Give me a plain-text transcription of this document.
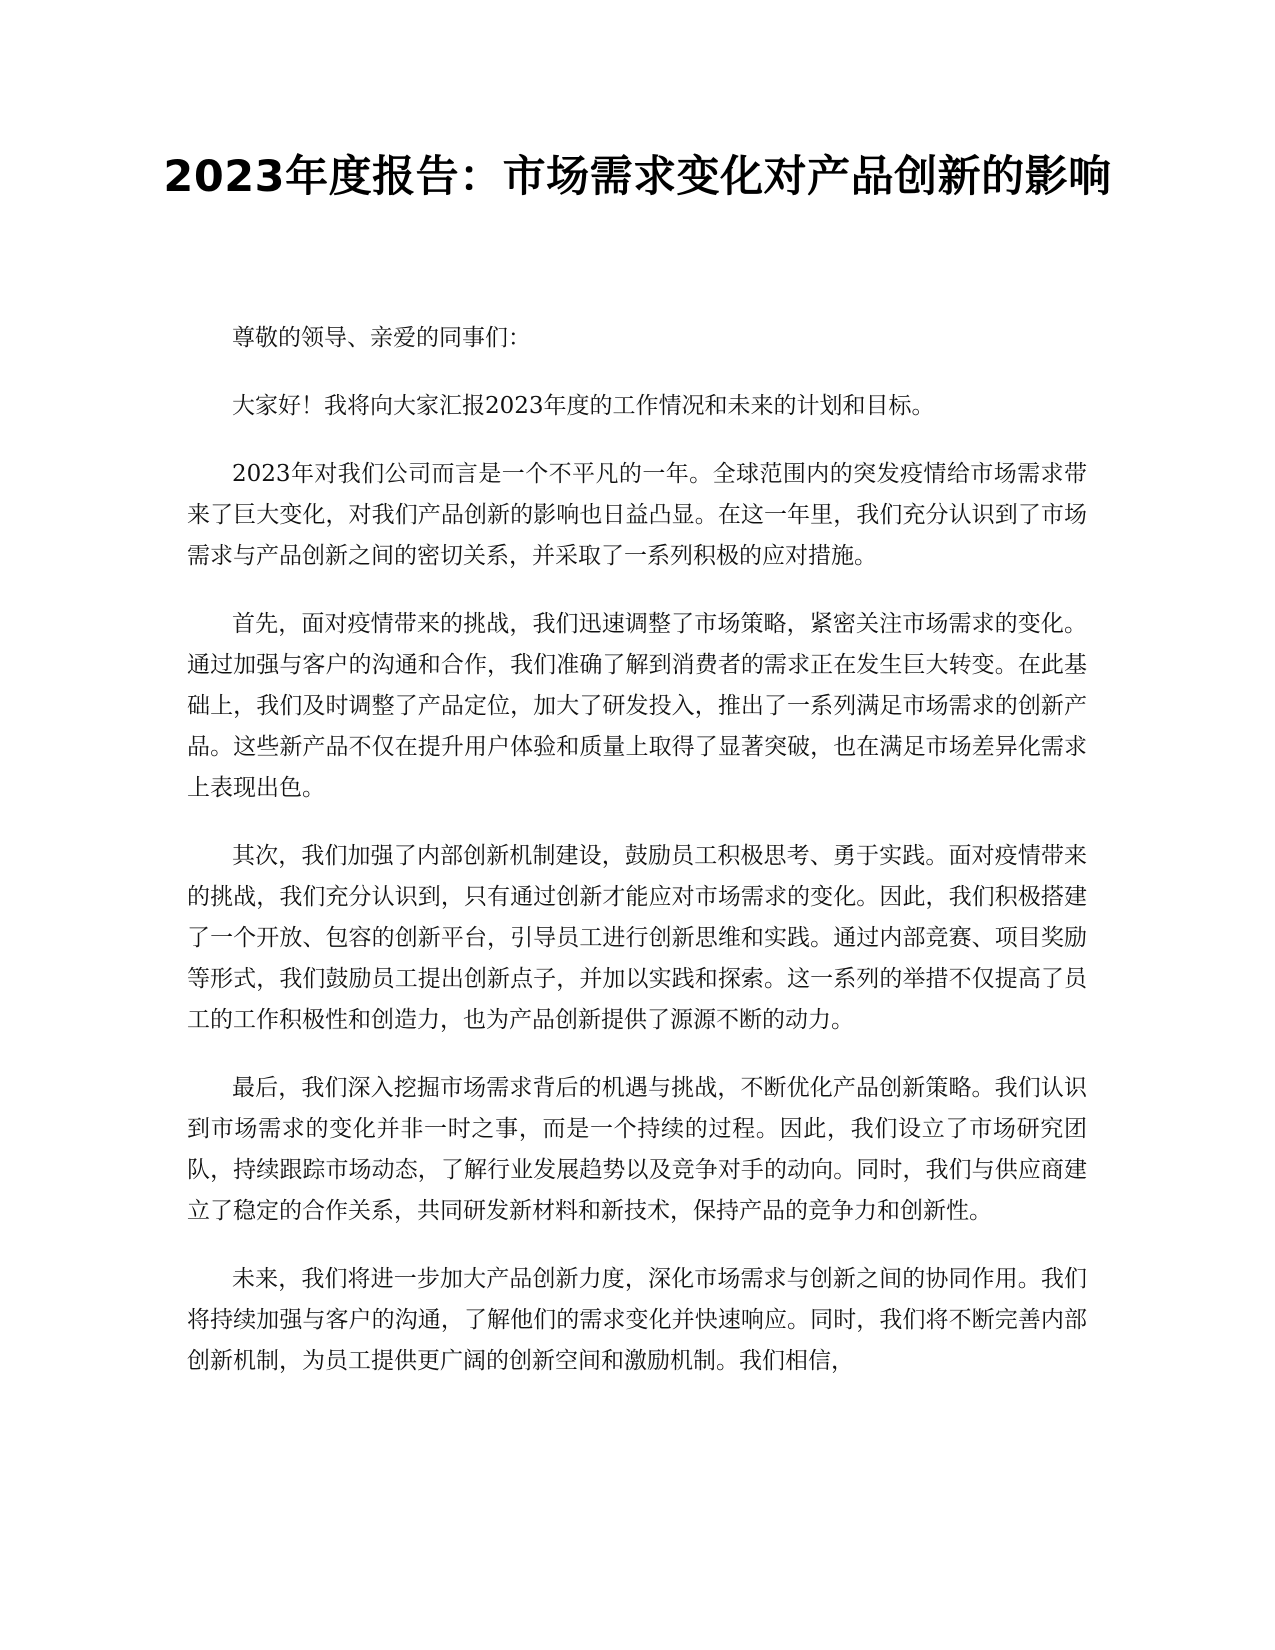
2023年度报告：市场需求变化对产品创新的影响

尊敬的领导、亲爱的同事们：

大家好！我将向大家汇报2023年度的工作情况和未来的计划和目标。

2023年对我们公司而言是一个不平凡的一年。全球范围内的突发疫情给市场需求带来了巨大变化，对我们产品创新的影响也日益凸显。在这一年里，我们充分认识到了市场需求与产品创新之间的密切关系，并采取了一系列积极的应对措施。

首先，面对疫情带来的挑战，我们迅速调整了市场策略，紧密关注市场需求的变化。通过加强与客户的沟通和合作，我们准确了解到消费者的需求正在发生巨大转变。在此基础上，我们及时调整了产品定位，加大了研发投入，推出了一系列满足市场需求的创新产品。这些新产品不仅在提升用户体验和质量上取得了显著突破，也在满足市场差异化需求上表现出色。

其次，我们加强了内部创新机制建设，鼓励员工积极思考、勇于实践。面对疫情带来的挑战，我们充分认识到，只有通过创新才能应对市场需求的变化。因此，我们积极搭建了一个开放、包容的创新平台，引导员工进行创新思维和实践。通过内部竞赛、项目奖励等形式，我们鼓励员工提出创新点子，并加以实践和探索。这一系列的举措不仅提高了员工的工作积极性和创造力，也为产品创新提供了源源不断的动力。

最后，我们深入挖掘市场需求背后的机遇与挑战，不断优化产品创新策略。我们认识到市场需求的变化并非一时之事，而是一个持续的过程。因此，我们设立了市场研究团队，持续跟踪市场动态，了解行业发展趋势以及竞争对手的动向。同时，我们与供应商建立了稳定的合作关系，共同研发新材料和新技术，保持产品的竞争力和创新性。

未来，我们将进一步加大产品创新力度，深化市场需求与创新之间的协同作用。我们将持续加强与客户的沟通，了解他们的需求变化并快速响应。同时，我们将不断完善内部创新机制，为员工提供更广阔的创新空间和激励机制。我们相信，
